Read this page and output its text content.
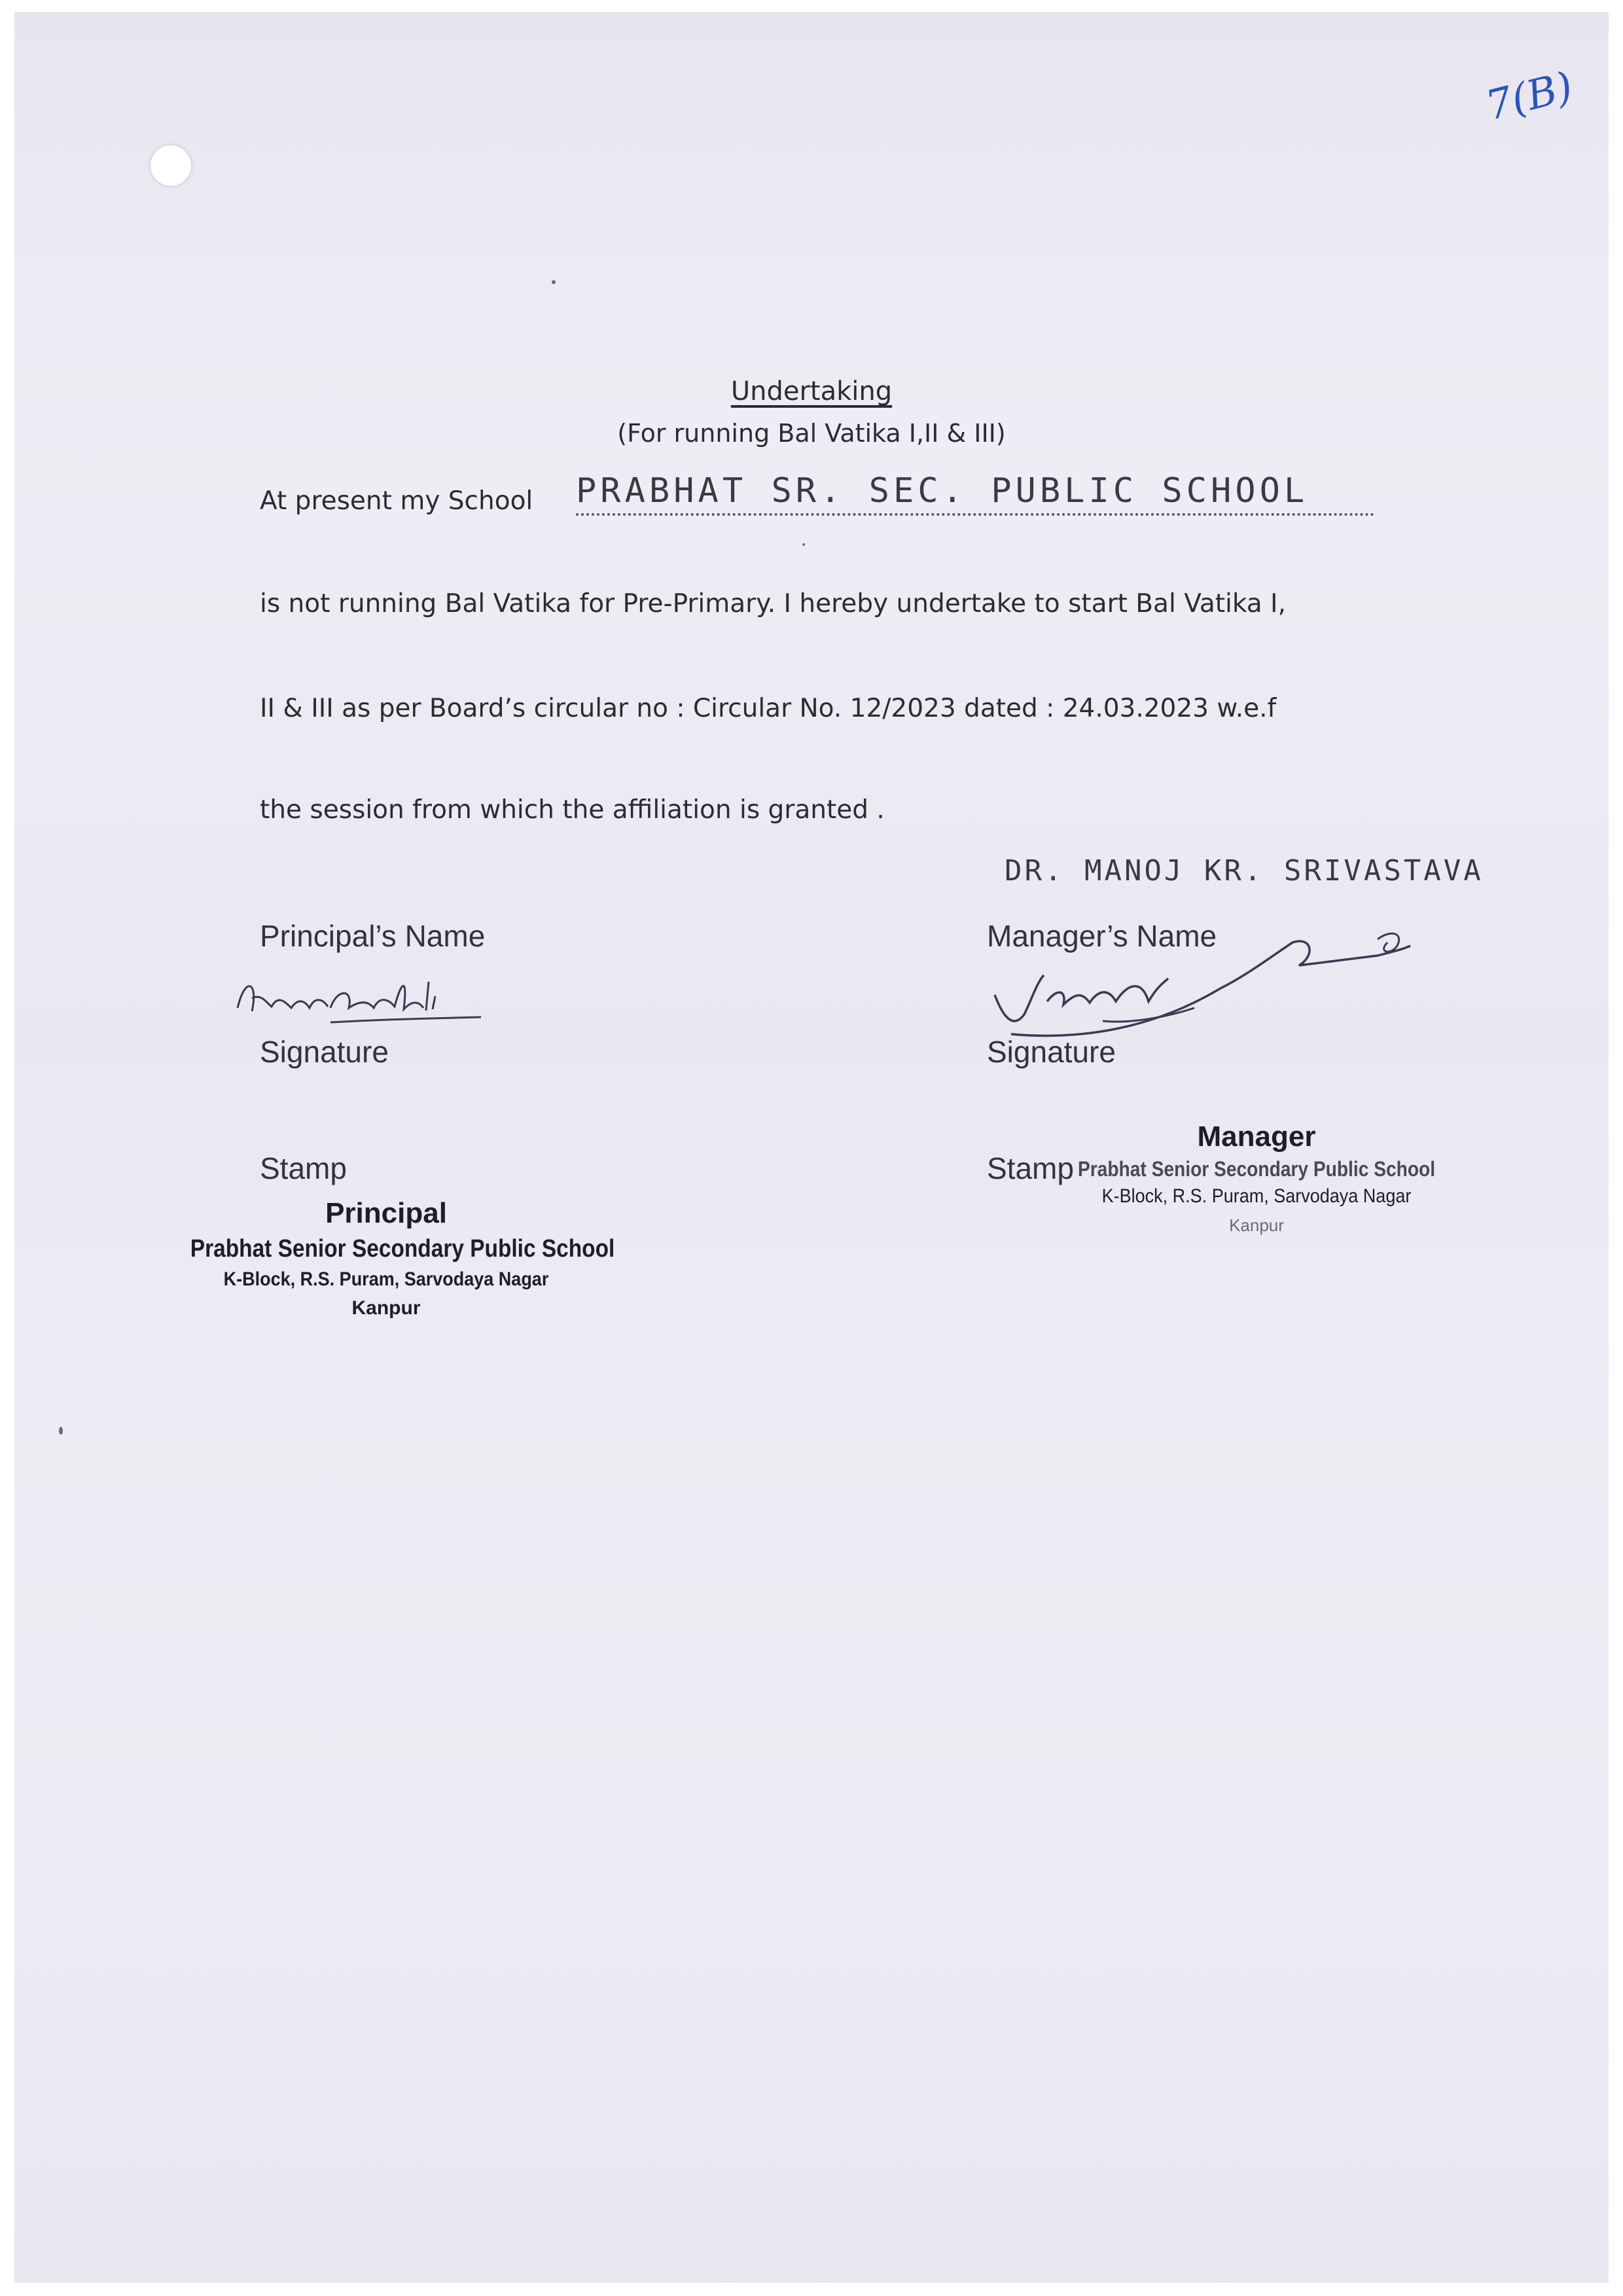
7(B)
Undertaking
(For running Bal Vatika I,II & III)
At present my School PRABHAT SR. SEC. PUBLIC SCHOOL
is not running Bal Vatika for Pre-Primary. I hereby undertake to start Bal Vatika I,
II & III as per Board’s circular no : Circular No. 12/2023 dated : 24.03.2023 w.e.f
the session from which the affiliation is granted .
DR. MANOJ KR. SRIVASTAVA
Principal’s Name
Signature
Stamp
Principal
Prabhat Senior Secondary Public School
K-Block, R.S. Puram, Sarvodaya Nagar
Kanpur
Manager’s Name
Signature
Stamp
Manager
Prabhat Senior Secondary Public School
K-Block, R.S. Puram, Sarvodaya Nagar
Kanpur
